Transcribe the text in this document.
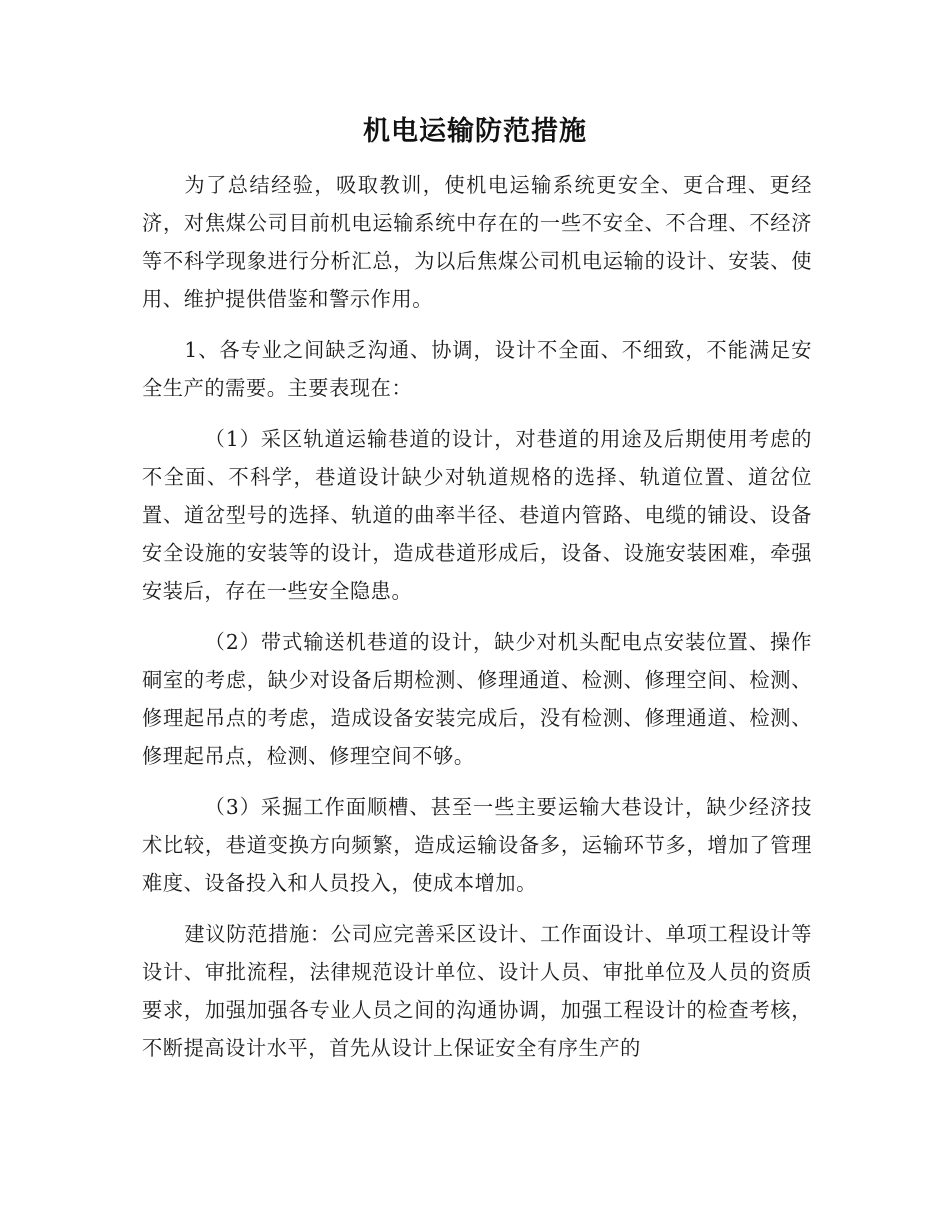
机电运输防范措施

为了总结经验，吸取教训，使机电运输系统更安全、更合理、更经济，对焦煤公司目前机电运输系统中存在的一些不安全、不合理、不经济等不科学现象进行分析汇总，为以后焦煤公司机电运输的设计、安装、使用、维护提供借鉴和警示作用。

1、各专业之间缺乏沟通、协调，设计不全面、不细致，不能满足安全生产的需要。主要表现在：

（1）采区轨道运输巷道的设计，对巷道的用途及后期使用考虑的不全面、不科学，巷道设计缺少对轨道规格的选择、轨道位置、道岔位置、道岔型号的选择、轨道的曲率半径、巷道内管路、电缆的铺设、设备安全设施的安装等的设计，造成巷道形成后，设备、设施安装困难，牵强安装后，存在一些安全隐患。

（2）带式输送机巷道的设计，缺少对机头配电点安装位置、操作硐室的考虑，缺少对设备后期检测、修理通道、检测、修理空间、检测、修理起吊点的考虑，造成设备安装完成后，没有检测、修理通道、检测、修理起吊点，检测、修理空间不够。

（3）采掘工作面顺槽、甚至一些主要运输大巷设计，缺少经济技术比较，巷道变换方向频繁，造成运输设备多，运输环节多，增加了管理难度、设备投入和人员投入，使成本增加。

建议防范措施：公司应完善采区设计、工作面设计、单项工程设计等设计、审批流程，法律规范设计单位、设计人员、审批单位及人员的资质要求，加强加强各专业人员之间的沟通协调，加强工程设计的检查考核，不断提高设计水平，首先从设计上保证安全有序生产的
